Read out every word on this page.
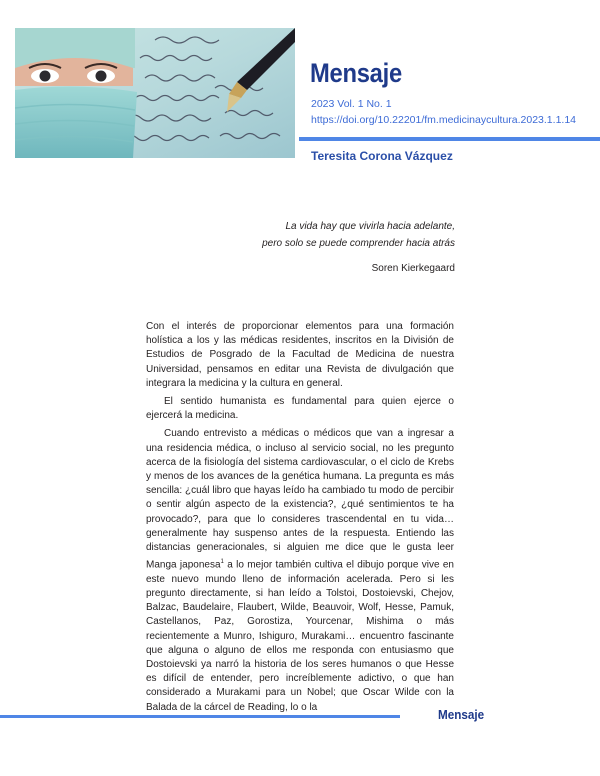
Mensaje
2023 Vol. 1 No. 1
https://doi.org/10.22201/fm.medicinaycultura.2023.1.1.14
Teresita Corona Vázquez
La vida hay que vivirla hacia adelante,
pero solo se puede comprender hacia atrás
Soren Kierkegaard

Con el interés de proporcionar elementos para una formación holística a los y las médicas residentes, inscritos en la División de Estudios de Posgrado de la Facultad de Medicina de nuestra Universidad, pensamos en editar una Revista de divulgación que integrara la medicina y la cultura en general.

El sentido humanista es fundamental para quien ejerce o ejercerá la medicina.

Cuando entrevisto a médicas o médicos que van a ingresar a una residencia médica, o incluso al servicio social, no les pregunto acerca de la fisiología del sistema cardiovascular, o el ciclo de Krebs y menos de los avances de la genética humana. La pregunta es más sencilla: ¿cuál libro que hayas leído ha cambiado tu modo de percibir o sentir algún aspecto de la existencia?, ¿qué sentimientos te ha provocado?, para que lo consideres trascendental en tu vida… generalmente hay suspenso antes de la respuesta. Entiendo las distancias generacionales, si alguien me dice que le gusta leer Manga japonesa$^1$ a lo mejor también cultiva el dibujo porque vive en este nuevo mundo lleno de información acelerada. Pero si les pregunto directamente, si han leído a Tolstoi, Dostoievski, Chejov, Balzac, Baudelaire, Flaubert, Wilde, Beauvoir, Wolf, Hesse, Pamuk, Castellanos, Paz, Gorostiza, Yourcenar, Mishima o más recientemente a Munro, Ishiguro, Murakami… encuentro fascinante que alguna o alguno de ellos me responda con entusiasmo que Dostoievski ya narró la historia de los seres humanos o que Hesse es difícil de entender, pero increíblemente adictivo, o que han considerado a Murakami para un Nobel; que Oscar Wilde con la Balada de la cárcel de Reading, lo o la	Mensaje
